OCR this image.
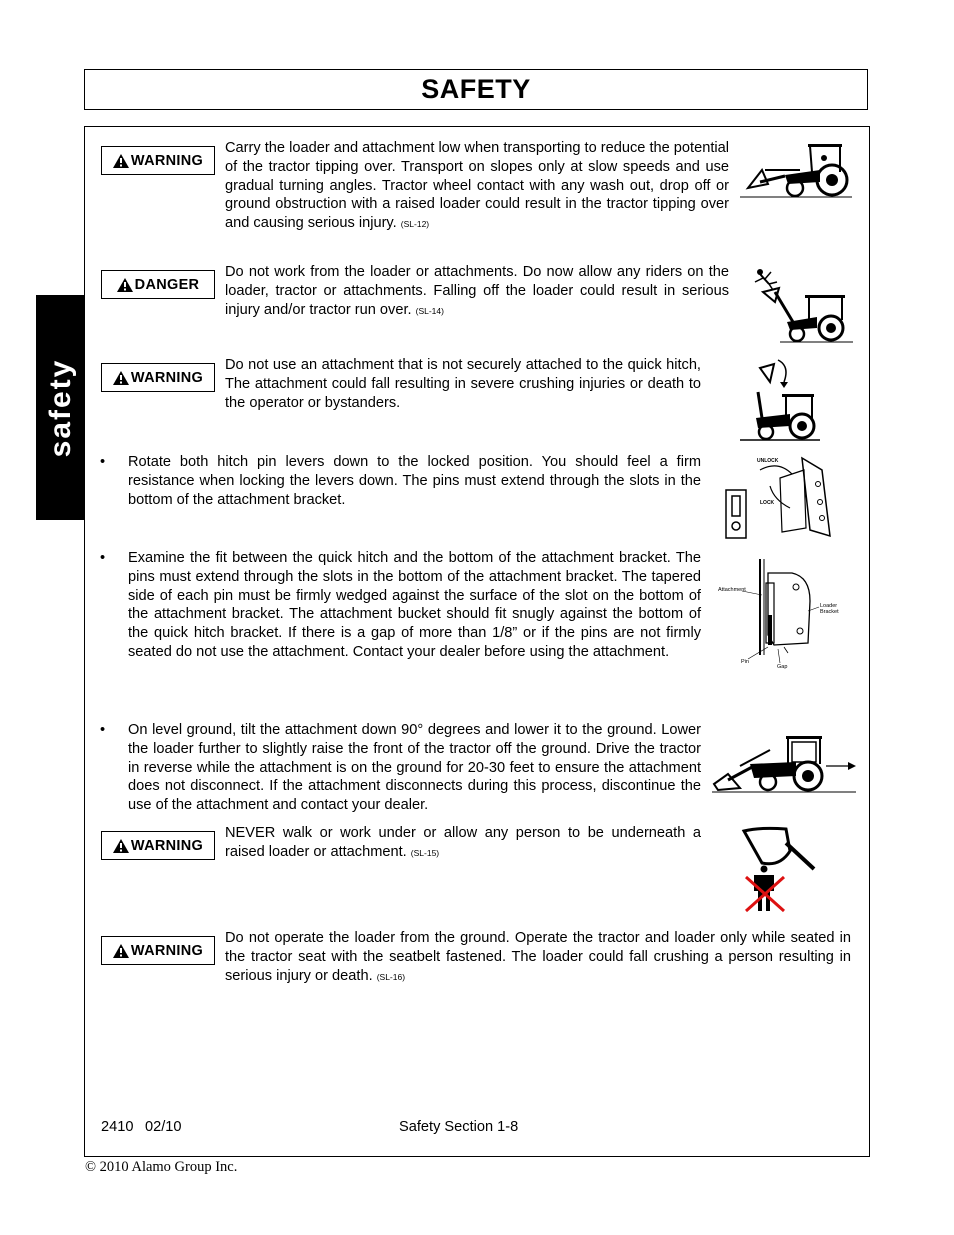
SAFETY
safety
WARNING
Carry the loader and attachment low when transporting to reduce the potential of the tractor tipping over. Transport on slopes only at slow speeds and use gradual turning angles. Tractor wheel contact with any wash out, drop off or ground obstruction with a raised loader could result in the tractor tipping over and causing serious injury. (SL-12)
DANGER
Do not work from the loader or attachments. Do now allow any riders on the loader, tractor or attachments. Falling off the loader could result in serious injury and/or tractor run over. (SL-14)
WARNING
Do not use an attachment that is not securely attached to the quick hitch, The attachment could fall resulting in severe crushing injuries or death to the operator or bystanders.
• Rotate both hitch pin levers down to the locked position. You should feel a firm resistance when locking the levers down. The pins must extend through the slots in the bottom of the attachment bracket.
UNLOCK
LOCK
• Examine the fit between the quick hitch and the bottom of the attachment bracket. The pins must extend through the slots in the bottom of the attachment bracket. The tapered side of each pin must be firmly wedged against the surface of the slot on the bottom of the attachment bracket. The attachment bucket should fit snugly against the bottom of the quick hitch bracket. If there is a gap of more than 1/8” or if the pins are not firmly seated do not use the attachment. Contact your dealer before using the attachment.
Attachment
Loader Bracket
Pin
Gap
• On level ground, tilt the attachment down 90° degrees and lower it to the ground. Lower the loader further to slightly raise the front of the tractor off the ground. Drive the tractor in reverse while the attachment is on the ground for 20-30 feet to ensure the attachment does not disconnect. If the attachment disconnects during this process, discontinue the use of the attachment and contact your dealer.
WARNING
NEVER walk or work under or allow any person to be underneath a raised loader or attachment. (SL-15)
WARNING
Do not operate the loader from the ground. Operate the tractor and loader only while seated in the tractor seat with the seatbelt fastened. The loader could fall crushing a person resulting in serious injury or death. (SL-16)
2410 02/10	Safety Section 1-8
© 2010 Alamo Group Inc.
